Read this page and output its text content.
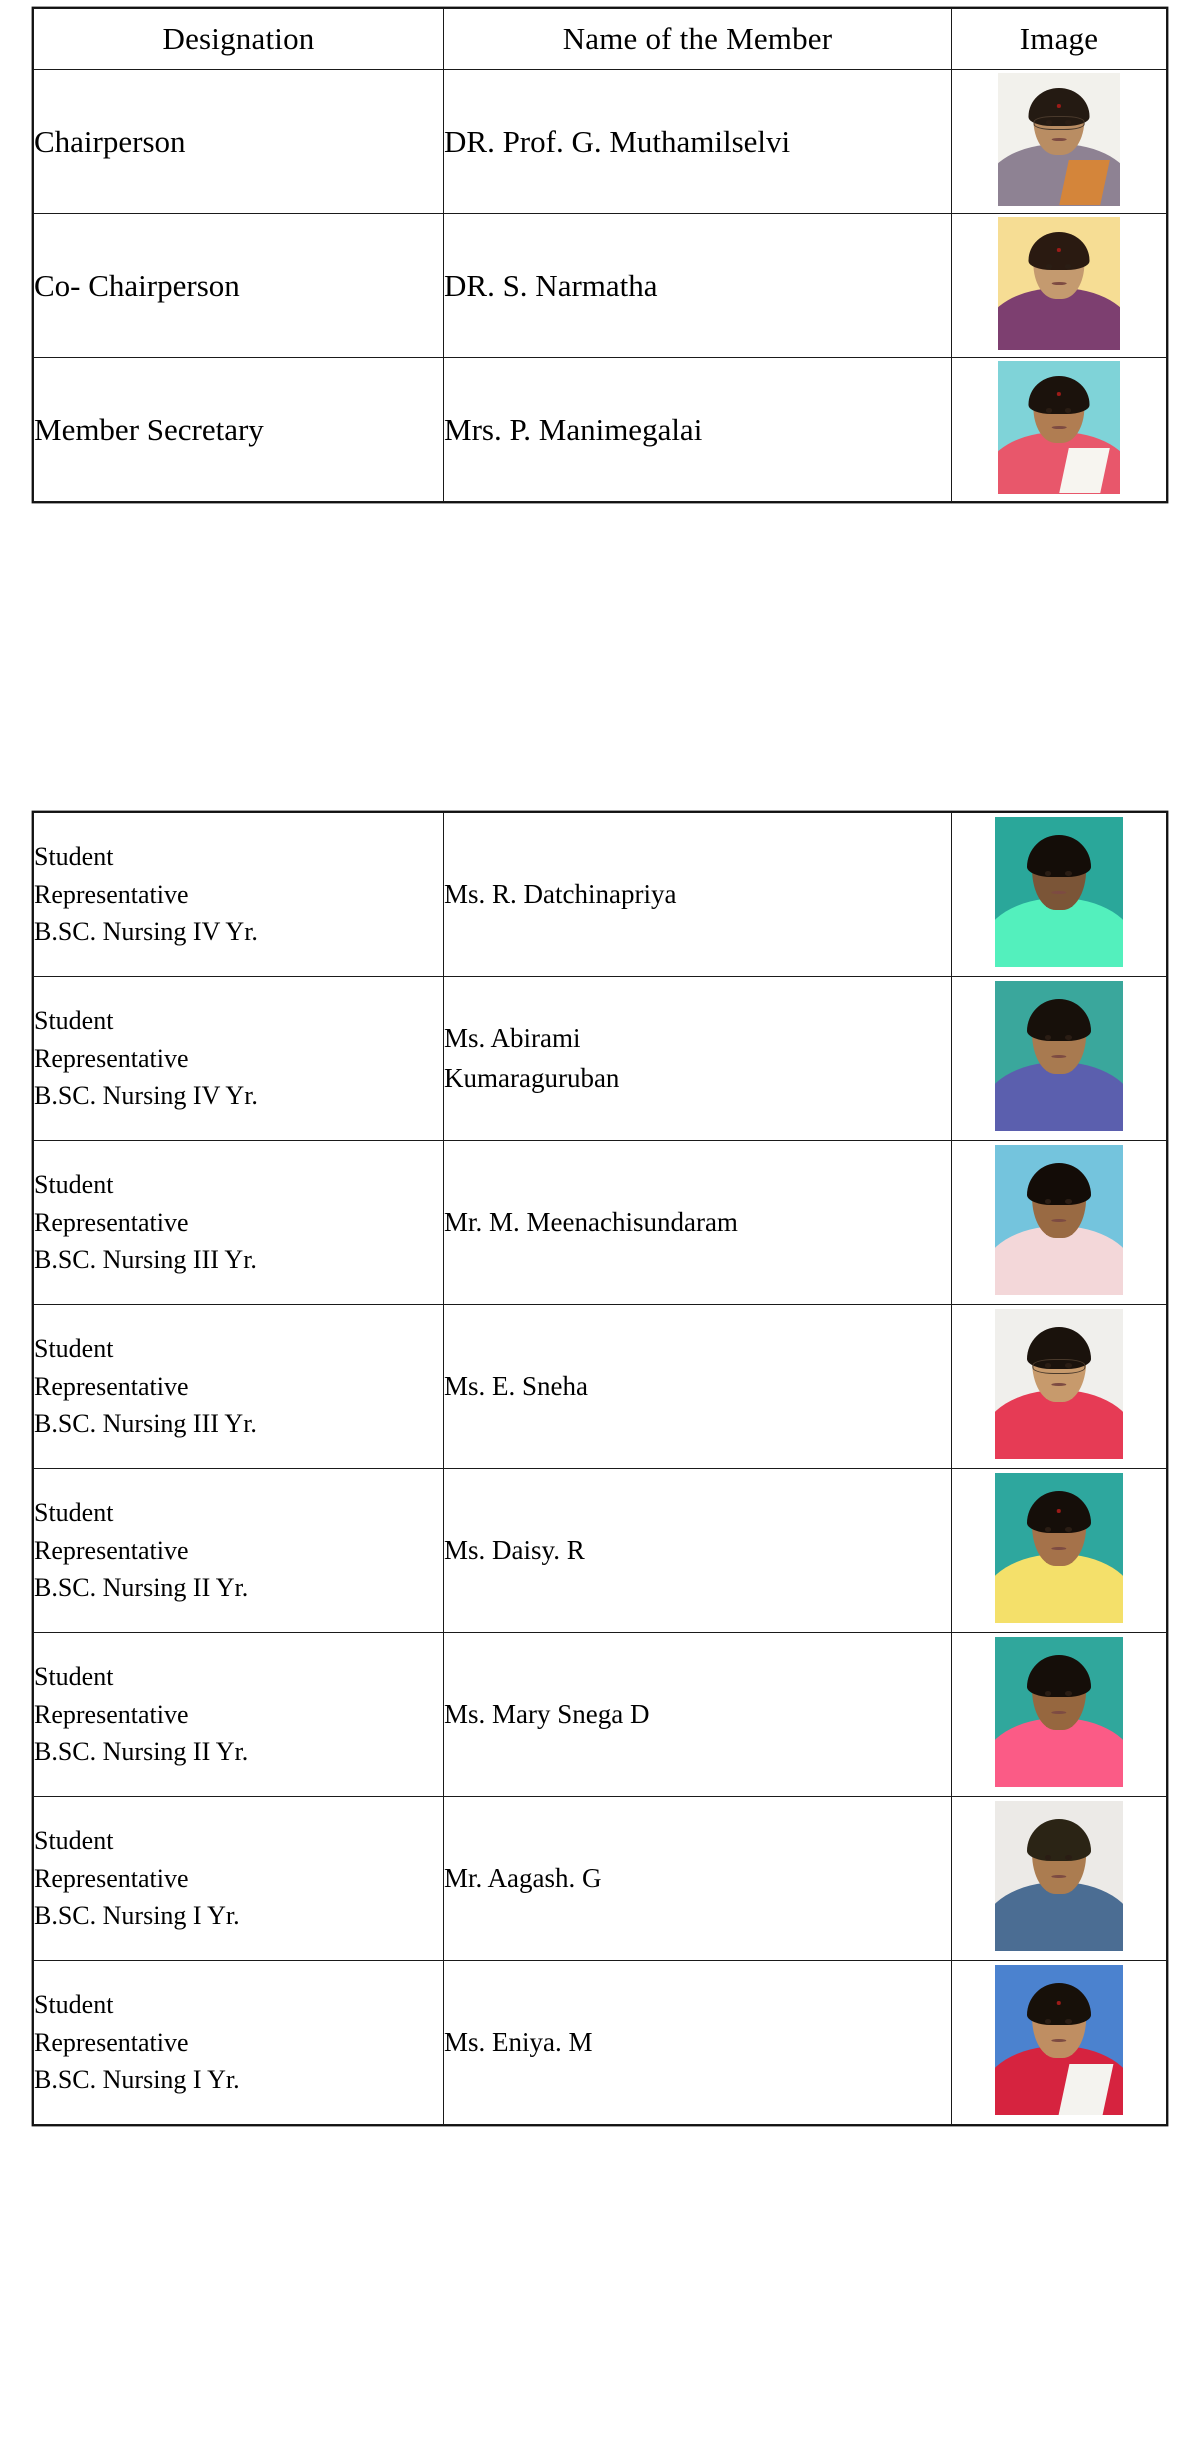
Designation	Name of the Member	Image
Chairperson	DR. Prof. G. Muthamilselvi	

Co- Chairperson	DR. S. Narmatha	

Member Secretary	Mrs. P. Manimegalai	
Student
Representative
B.SC. Nursing IV Yr.	Ms. R. Datchinapriya	

Student
Representative
B.SC. Nursing IV Yr.	Ms. Abirami
Kumaraguruban	

Student
Representative
B.SC. Nursing III Yr.	Mr. M. Meenachisundaram	

Student
Representative
B.SC. Nursing III Yr.	Ms. E. Sneha	

Student
Representative
B.SC. Nursing II Yr.	Ms. Daisy. R	

Student
Representative
B.SC. Nursing II Yr.	Ms. Mary Snega D	

Student
Representative
B.SC. Nursing I Yr.	Mr. Aagash. G	

Student
Representative
B.SC. Nursing I Yr.	Ms. Eniya. M	
